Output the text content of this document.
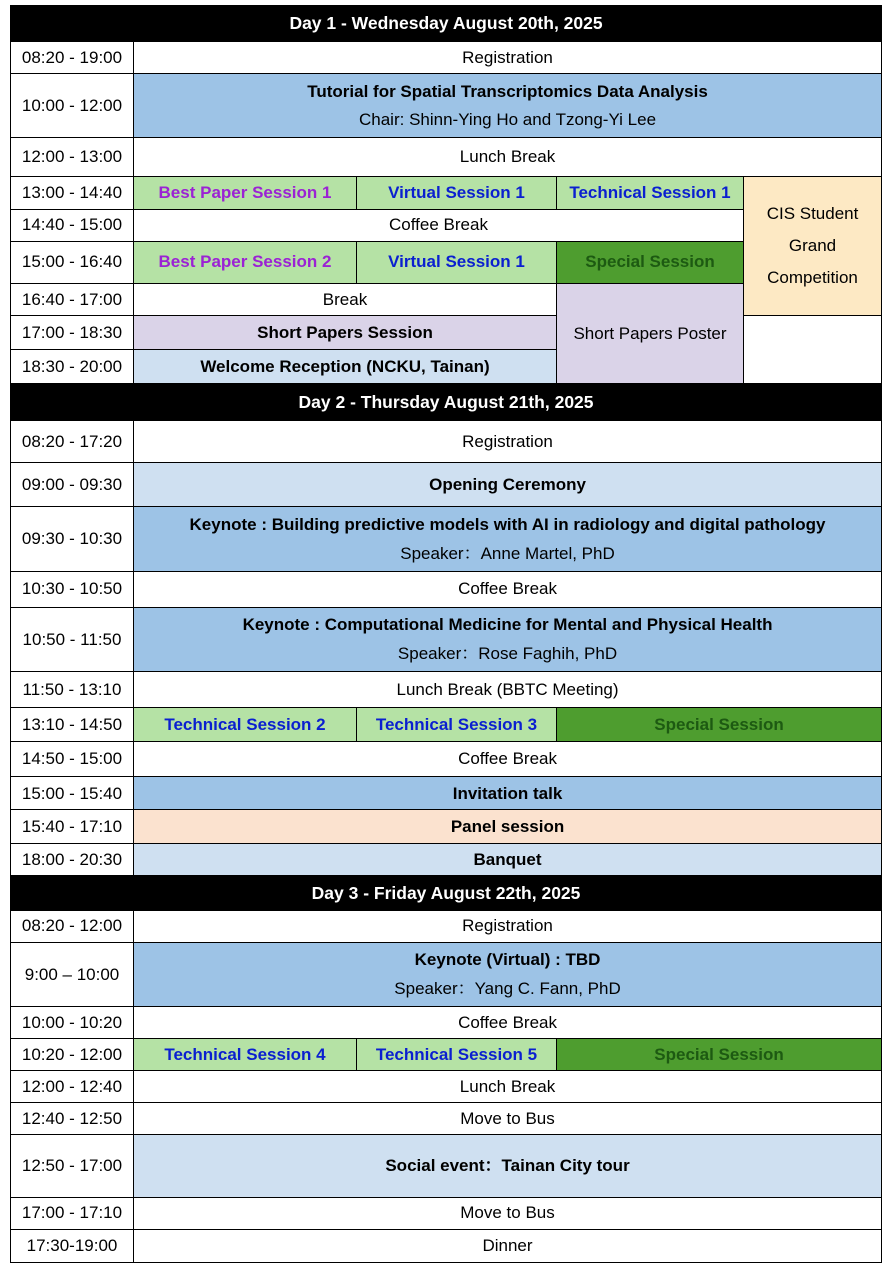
Day 1 - Wednesday August 20th, 2025				
08:20 - 19:00	Registration			
10:00 - 12:00	Tutorial for Spatial Transcriptomics Data Analysis
Chair: Shinn-Ying Ho and Tzong-Yi Lee			

12:00 - 13:00	Lunch Break			
13:00 - 14:40	Best Paper Session 1	Virtual Session 1	Technical Session 1	CIS Student Grand Competition
14:40 - 15:00	Coffee Break			
15:00 - 16:40	Best Paper Session 2	Virtual Session 1	Special Session	
16:40 - 17:00	Break		Short Papers Poster	
17:00 - 18:30	Short Papers Session			
18:30 - 20:00	Welcome Reception (NCKU, Tainan)			
Day 2 - Thursday August 21th, 2025				
08:20 - 17:20	Registration			
09:00 - 09:30	Opening Ceremony			
09:30 - 10:30	Keynote : Building predictive models with AI in radiology and digital pathology
Speaker：Anne Martel, PhD			

10:30 - 10:50	Coffee Break			
10:50 - 11:50	Keynote : Computational Medicine for Mental and Physical Health
Speaker：Rose Faghih, PhD			

11:50 - 13:10	Lunch Break (BBTC Meeting)			
13:10 - 14:50	Technical Session 2	Technical Session 3	Special Session	
14:50 - 15:00	Coffee Break			
15:00 - 15:40	Invitation talk			
15:40 - 17:10	Panel session			
18:00 - 20:30	Banquet			
Day 3 - Friday August 22th, 2025				
08:20 - 12:00	Registration			
9:00 – 10:00	Keynote (Virtual) : TBD
Speaker：Yang C. Fann, PhD			

10:00 - 10:20	Coffee Break			
10:20 - 12:00	Technical Session 4	Technical Session 5	Special Session	
12:00 - 12:40	Lunch Break			
12:40 - 12:50	Move to Bus			
12:50 - 17:00	Social event：Tainan City tour			
17:00 - 17:10	Move to Bus			
17:30-19:00	Dinner			
